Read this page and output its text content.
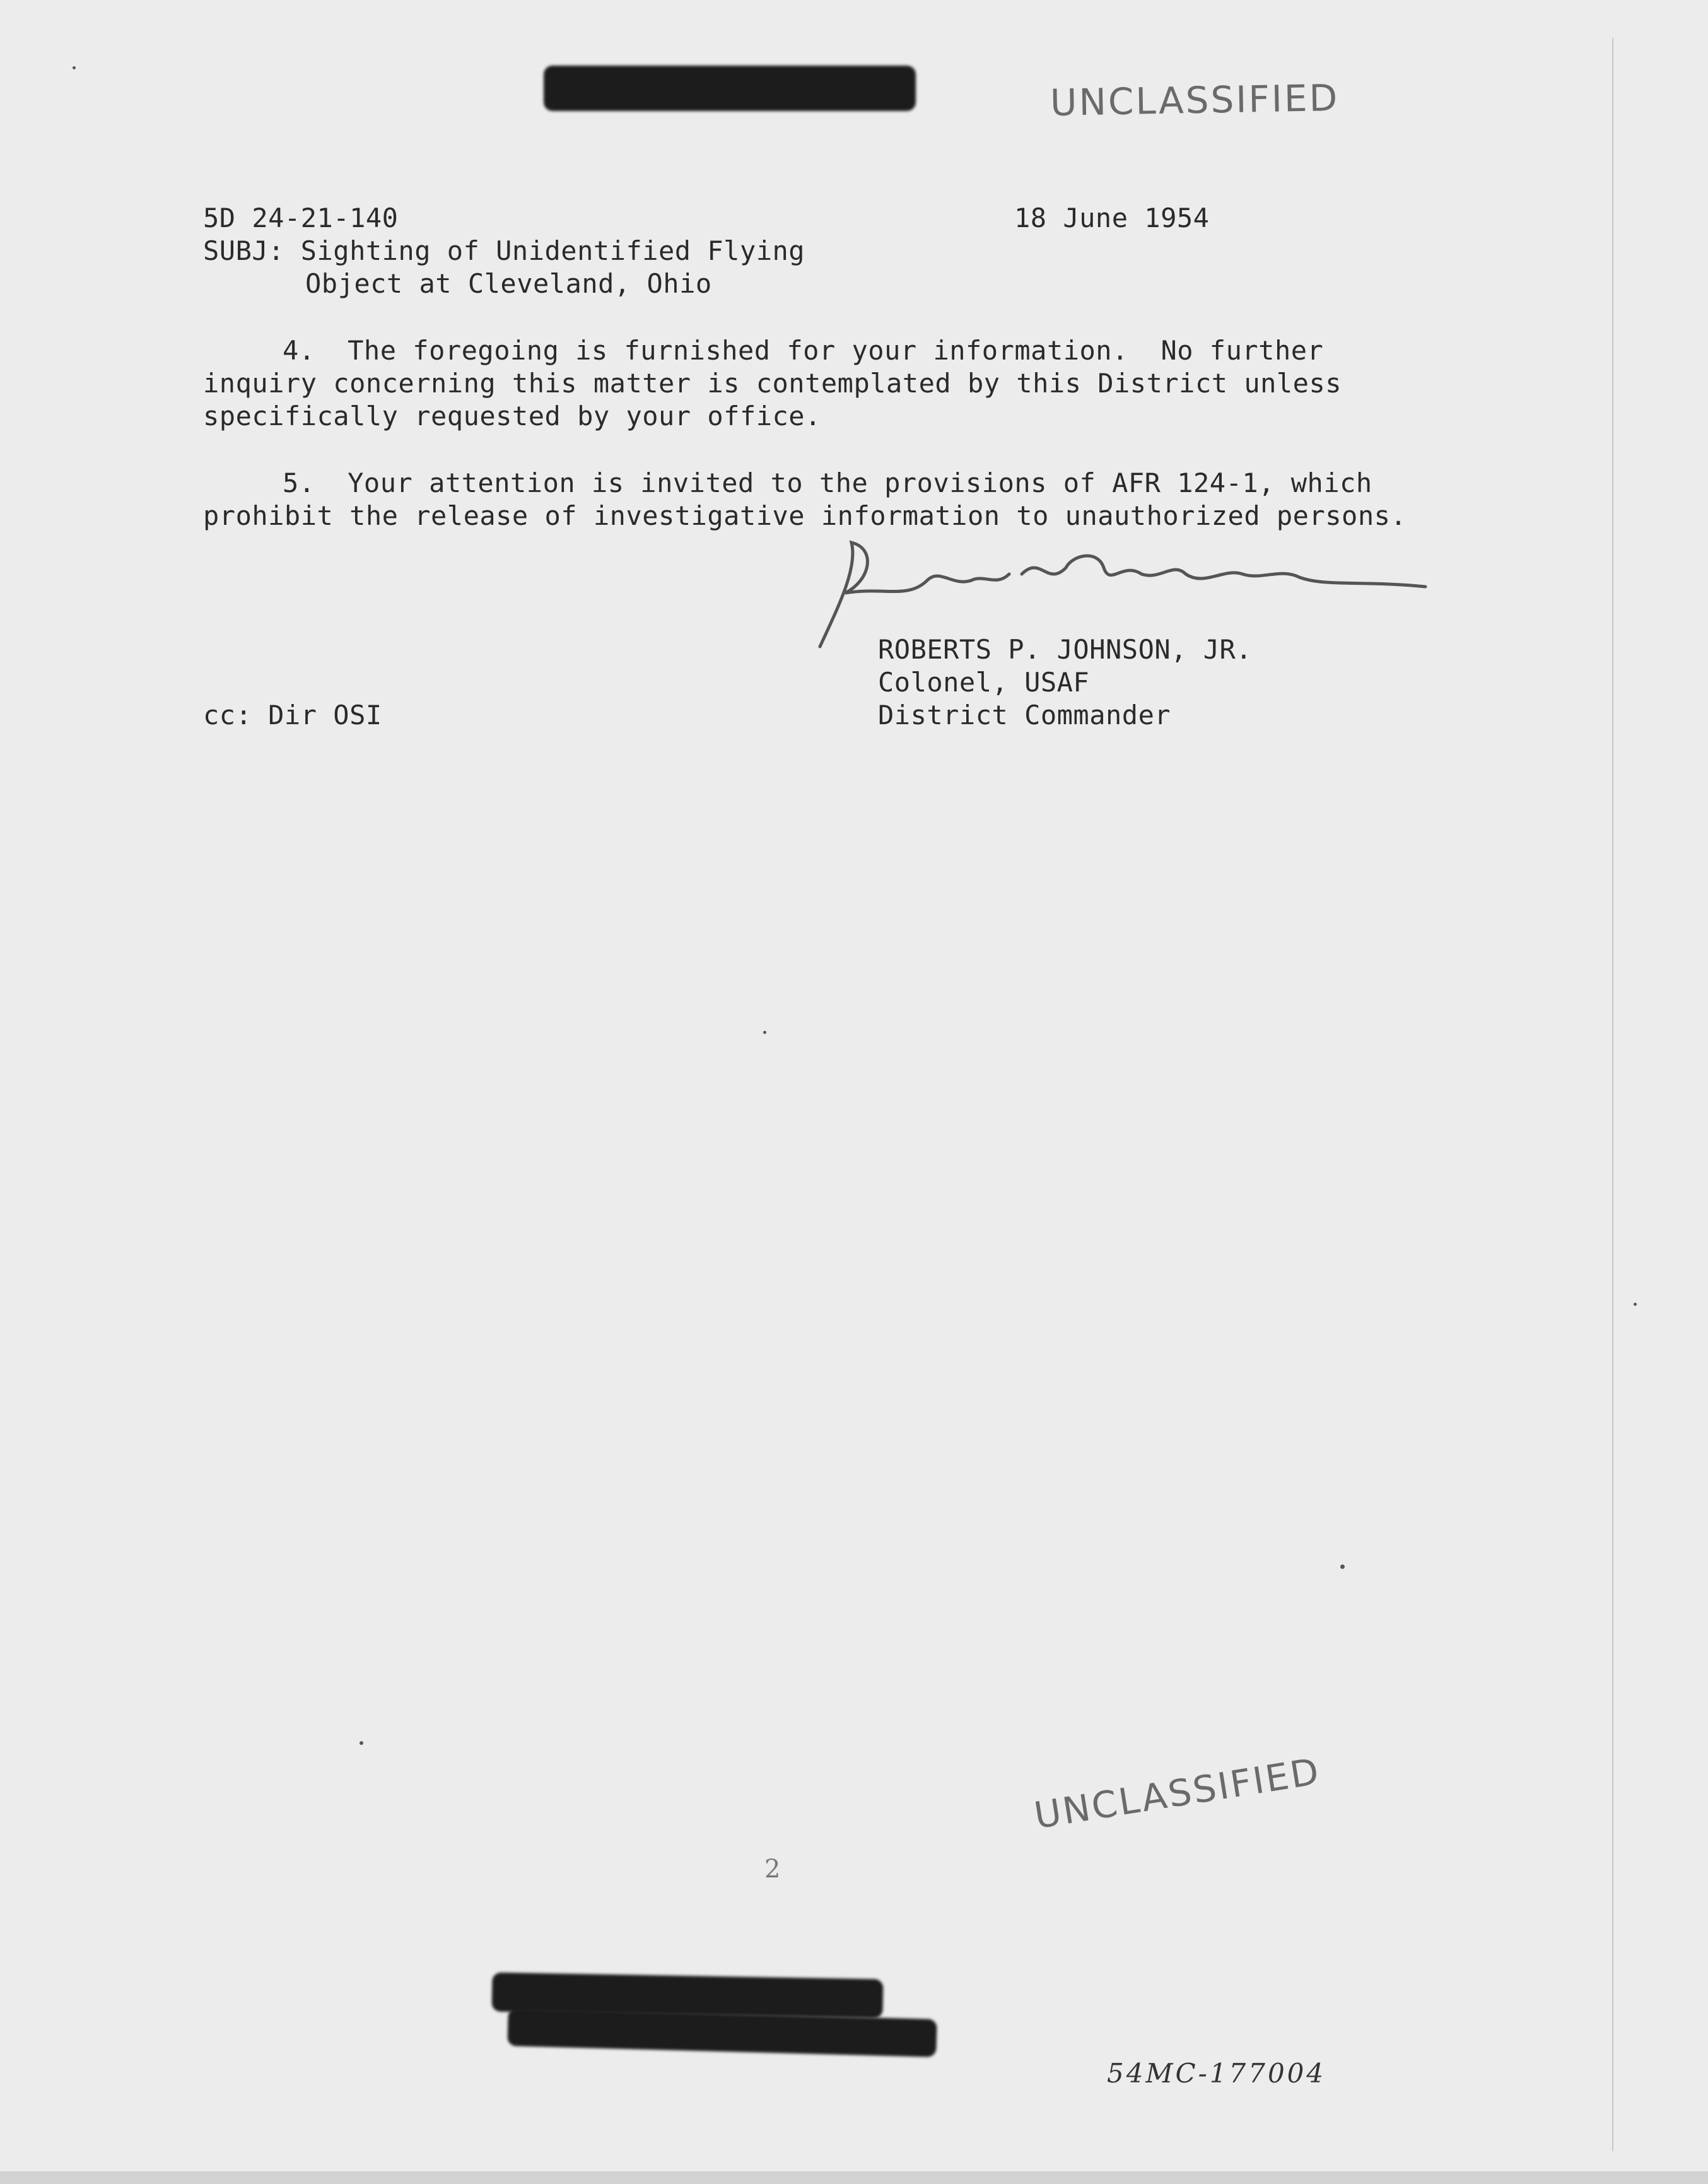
UNCLASSIFIED
5D 24-21-140	18 June 1954
SUBJ: Sighting of Unidentified Flying
Object at Cleveland, Ohio
4.  The foregoing is furnished for your information.  No further
inquiry concerning this matter is contemplated by this District unless
specifically requested by your office.
5.  Your attention is invited to the provisions of AFR 124-1, which
prohibit the release of investigative information to unauthorized persons.
ROBERTS P. JOHNSON, JR.
Colonel, USAF
District Commander
cc: Dir OSI
UNCLASSIFIED
2
54MC-177004
